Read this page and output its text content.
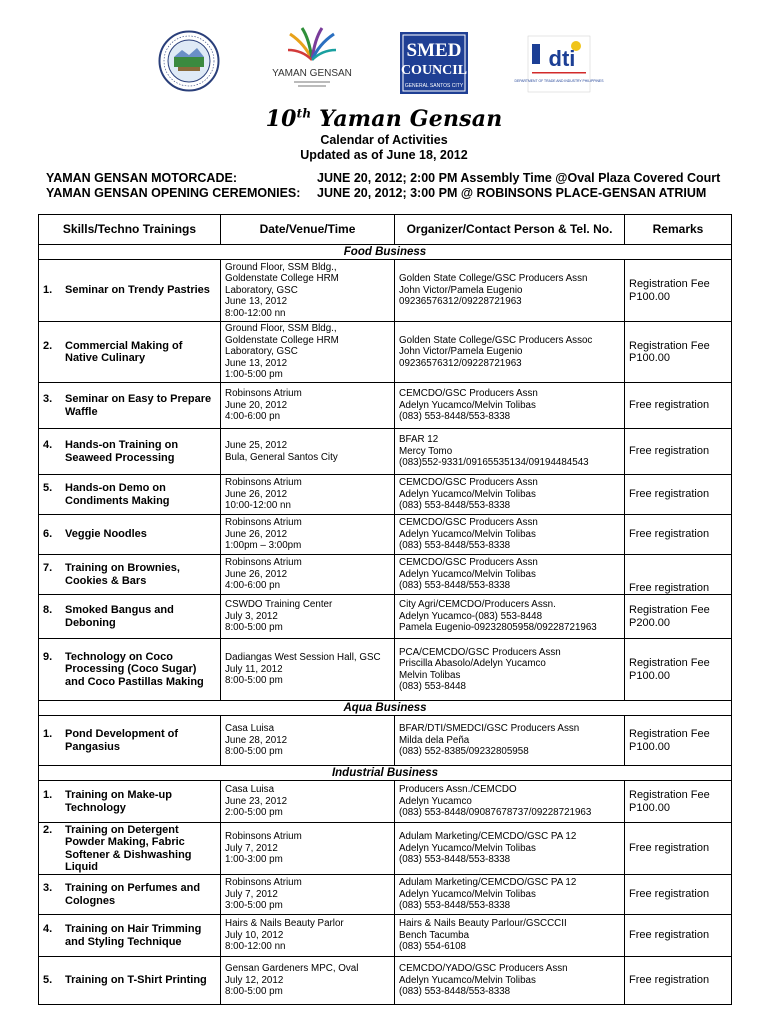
YAMAN GENSAN
SMED
COUNCIL
GENERAL SANTOS CITY
dti
DEPARTMENT OF TRADE AND INDUSTRY PHILIPPINES
10th Yaman Gensan
Calendar of Activities
Updated as of June 18, 2012
YAMAN GENSAN MOTORCADE:	JUNE 20, 2012; 2:00 PM Assembly Time @Oval Plaza Covered Court
YAMAN GENSAN OPENING CEREMONIES: JUNE 20, 2012; 3:00 PM @ ROBINSONS PLACE-GENSAN ATRIUM
Skills/Techno Trainings	Date/Venue/Time	Organizer/Contact Person & Tel. No.	Remarks
Food Business			
1. Seminar on Trendy Pastries	Ground Floor, SSM Bldg.,
Goldenstate College HRM
Laboratory, GSC
June 13, 2012
8:00-12:00 nn	Golden State College/GSC Producers Assn
John Victor/Pamela Eugenio
09236576312/09228721963	Registration Fee
P100.00
2. Commercial Making of Native Culinary	Ground Floor, SSM Bldg.,
Goldenstate College HRM
Laboratory, GSC
June 13, 2012
1:00-5:00 pm	Golden State College/GSC Producers Assoc
John Victor/Pamela Eugenio
09236576312/09228721963	Registration Fee
P100.00
3. Seminar on Easy to Prepare Waffle	Robinsons Atrium
June 20, 2012
4:00-6:00 pn	CEMCDO/GSC Producers Assn
Adelyn Yucamco/Melvin Tolibas
(083) 553-8448/553-8338	Free registration
4. Hands-on Training on Seaweed Processing	June 25, 2012
Bula, General Santos City	BFAR 12
Mercy Tomo
(083)552-9331/09165535134/09194484543	Free registration
5. Hands-on Demo on Condiments Making	Robinsons Atrium
June 26, 2012
10:00-12:00 nn	CEMCDO/GSC Producers Assn
Adelyn Yucamco/Melvin Tolibas
(083) 553-8448/553-8338	Free registration
6. Veggie Noodles	Robinsons Atrium
June 26, 2012
1:00pm – 3:00pm	CEMCDO/GSC Producers Assn
Adelyn Yucamco/Melvin Tolibas
(083) 553-8448/553-8338	Free registration
7. Training on Brownies, Cookies & Bars	Robinsons Atrium
June 26, 2012
4:00-6:00 pn	CEMCDO/GSC Producers Assn
Adelyn Yucamco/Melvin Tolibas
(083) 553-8448/553-8338	Free registration
8. Smoked Bangus and Deboning	CSWDO Training Center
July 3, 2012
8:00-5:00 pm	City Agri/CEMCDO/Producers Assn.
Adelyn Yucamco-(083) 553-8448
Pamela Eugenio-09232805958/09228721963	Registration Fee
P200.00
9. Technology on Coco Processing (Coco Sugar) and Coco Pastillas Making	Dadiangas West Session Hall, GSC
July 11, 2012
8:00-5:00 pm	PCA/CEMCDO/GSC Producers Assn
Priscilla Abasolo/Adelyn Yucamco
Melvin Tolibas
(083) 553-8448	Registration Fee
P100.00
Aqua Business			
1. Pond Development of Pangasius	Casa Luisa
June 28, 2012
8:00-5:00 pm	BFAR/DTI/SMEDCI/GSC Producers Assn
Milda dela Peña
(083) 552-8385/09232805958	Registration Fee
P100.00
Industrial Business			
1. Training on Make-up Technology	Casa Luisa
June 23, 2012
2:00-5:00 pm	Producers Assn./CEMCDO
Adelyn Yucamco
(083) 553-8448/09087678737/09228721963	Registration Fee
P100.00
2. Training on Detergent Powder Making, Fabric Softener & Dishwashing Liquid	Robinsons Atrium
July 7, 2012
1:00-3:00 pm	Adulam Marketing/CEMCDO/GSC PA 12
Adelyn Yucamco/Melvin Tolibas
(083) 553-8448/553-8338	Free registration
3. Training on Perfumes and Colognes	Robinsons Atrium
July 7, 2012
3:00-5:00 pm	Adulam Marketing/CEMCDO/GSC PA 12
Adelyn Yucamco/Melvin Tolibas
(083) 553-8448/553-8338	Free registration
4. Training on Hair Trimming and Styling Technique	Hairs & Nails Beauty Parlor
July 10, 2012
8:00-12:00 nn	Hairs & Nails Beauty Parlour/GSCCCII
Bench Tacumba
(083) 554-6108	Free registration
5. Training on T-Shirt Printing	Gensan Gardeners MPC, Oval
July 12, 2012
8:00-5:00 pm	CEMCDO/YADO/GSC Producers Assn
Adelyn Yucamco/Melvin Tolibas
(083) 553-8448/553-8338	Free registration
